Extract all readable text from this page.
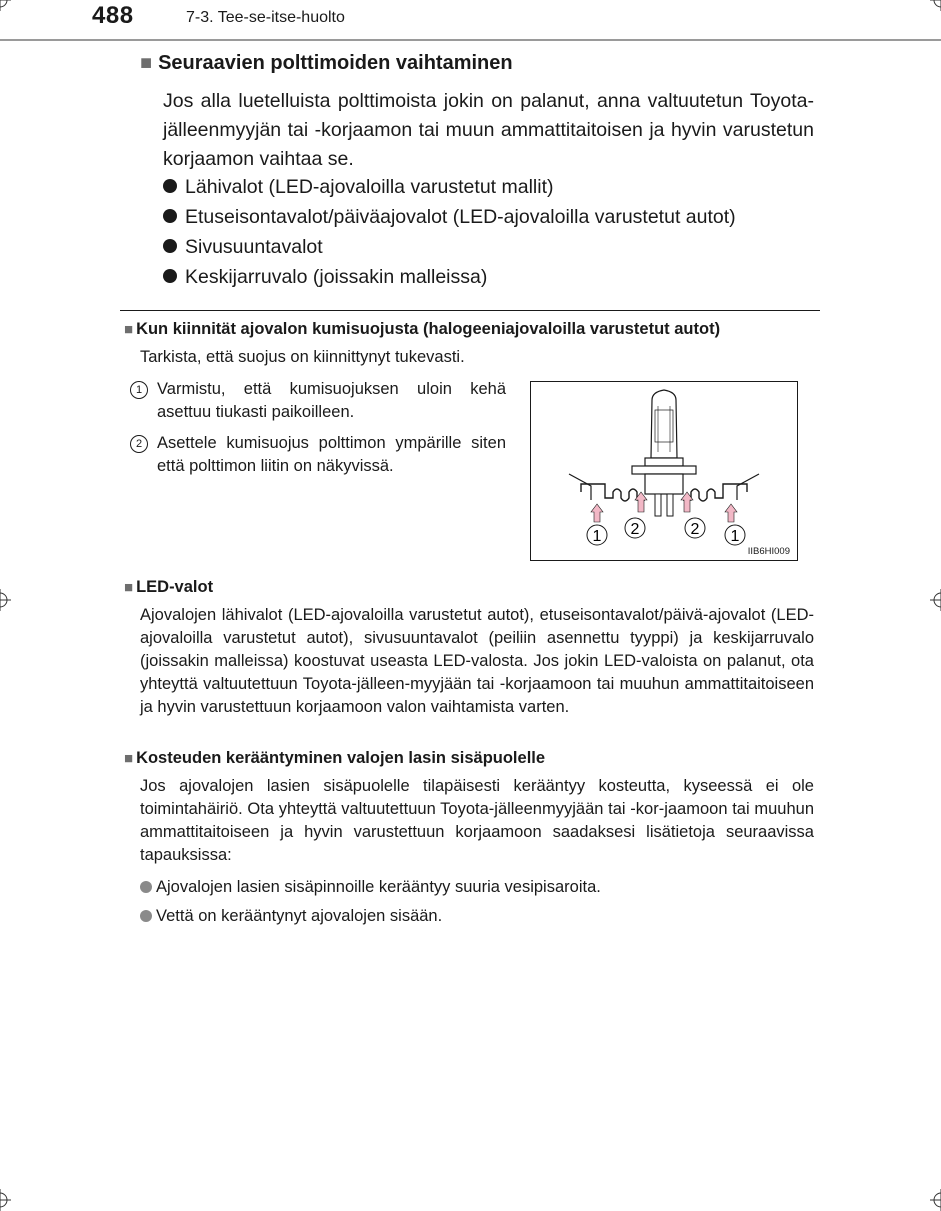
488	7-3. Tee-se-itse-huolto
■ Seuraavien polttimoiden vaihtaminen
Jos alla luetelluista polttimoista jokin on palanut, anna valtuutetun Toyota-jälleenmyyjän tai -korjaamon tai muun ammattitaitoisen ja hyvin varustetun korjaamon vaihtaa se.
Lähivalot (LED-ajovaloilla varustetut mallit)
Etuseisontavalot/päiväajovalot (LED-ajovaloilla varustetut autot)
Sivusuuntavalot
Keskijarruvalo (joissakin malleissa)
■ Kun kiinnität ajovalon kumisuojusta (halogeeniajovaloilla varustetut autot)
Tarkista, että suojus on kiinnittynyt tukevasti.
1 Varmistu, että kumisuojuksen uloin kehä asettuu tiukasti paikoilleen.
2 Asettele kumisuojus polttimon ympärille siten että polttimon liitin on näkyvissä.
1 2	2 1
IIB6HI009
■ LED-valot
Ajovalojen lähivalot (LED-ajovaloilla varustetut autot), etuseisontavalot/päivä-ajovalot (LED-ajovaloilla varustetut autot), sivusuuntavalot (peiliin asennettu tyyppi) ja keskijarruvalo (joissakin malleissa) koostuvat useasta LED-valosta. Jos jokin LED-valoista on palanut, ota yhteyttä valtuutettuun Toyota-jälleen-myyjään tai -korjaamoon tai muuhun ammattitaitoiseen ja hyvin varustettuun korjaamoon valon vaihtamista varten.
■ Kosteuden kerääntyminen valojen lasin sisäpuolelle
Jos ajovalojen lasien sisäpuolelle tilapäisesti kerääntyy kosteutta, kyseessä ei ole toimintahäiriö. Ota yhteyttä valtuutettuun Toyota-jälleenmyyjään tai -kor-jaamoon tai muuhun ammattitaitoiseen ja hyvin varustettuun korjaamoon saadaksesi lisätietoja seuraavissa tapauksissa:
Ajovalojen lasien sisäpinnoille kerääntyy suuria vesipisaroita.
Vettä on kerääntynyt ajovalojen sisään.
